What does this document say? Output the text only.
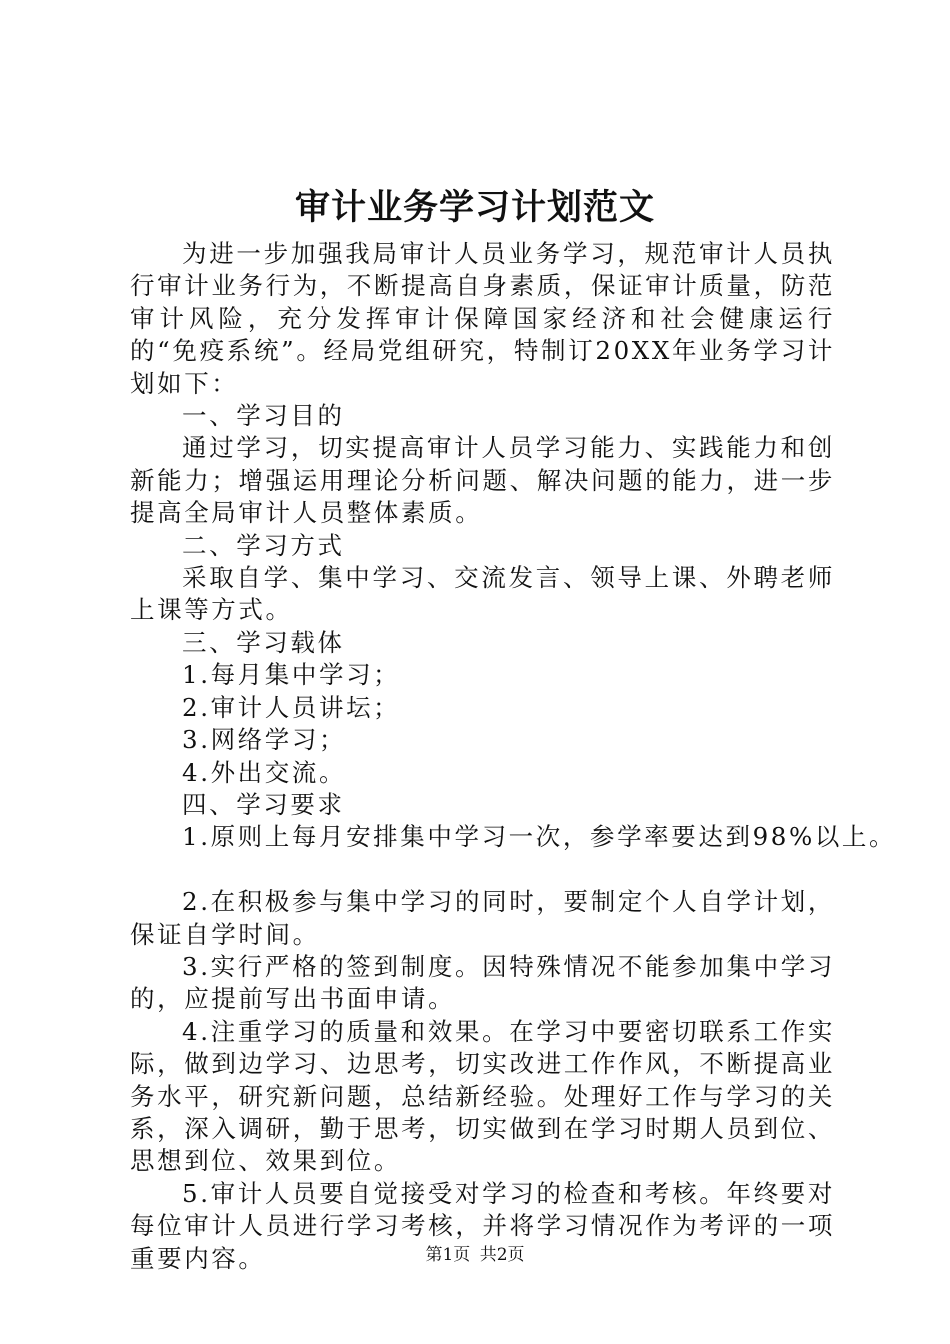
审计业务学习计划范文

为进一步加强我局审计人员业务学习，规范审计人员执行审计业务行为，不断提高自身素质，保证审计质量，防范审计风险，充分发挥审计保障国家经济和社会健康运行的“免疫系统”。经局党组研究，特制订20XX年业务学习计划如下：

一、学习目的

通过学习，切实提高审计人员学习能力、实践能力和创新能力；增强运用理论分析问题、解决问题的能力，进一步提高全局审计人员整体素质。

二、学习方式

采取自学、集中学习、交流发言、领导上课、外聘老师上课等方式。

三、学习载体

1.每月集中学习；

2.审计人员讲坛；

3.网络学习；

4.外出交流。

四、学习要求

1.原则上每月安排集中学习一次，参学率要达到98%以上。

2.在积极参与集中学习的同时，要制定个人自学计划，保证自学时间。

3.实行严格的签到制度。因特殊情况不能参加集中学习的，应提前写出书面申请。

4.注重学习的质量和效果。在学习中要密切联系工作实际，做到边学习、边思考，切实改进工作作风，不断提高业务水平，研究新问题，总结新经验。处理好工作与学习的关系，深入调研，勤于思考，切实做到在学习时期人员到位、思想到位、效果到位。

5.审计人员要自觉接受对学习的检查和考核。年终要对每位审计人员进行学习考核，并将学习情况作为考评的一项重要内容。	第1页 共2页
